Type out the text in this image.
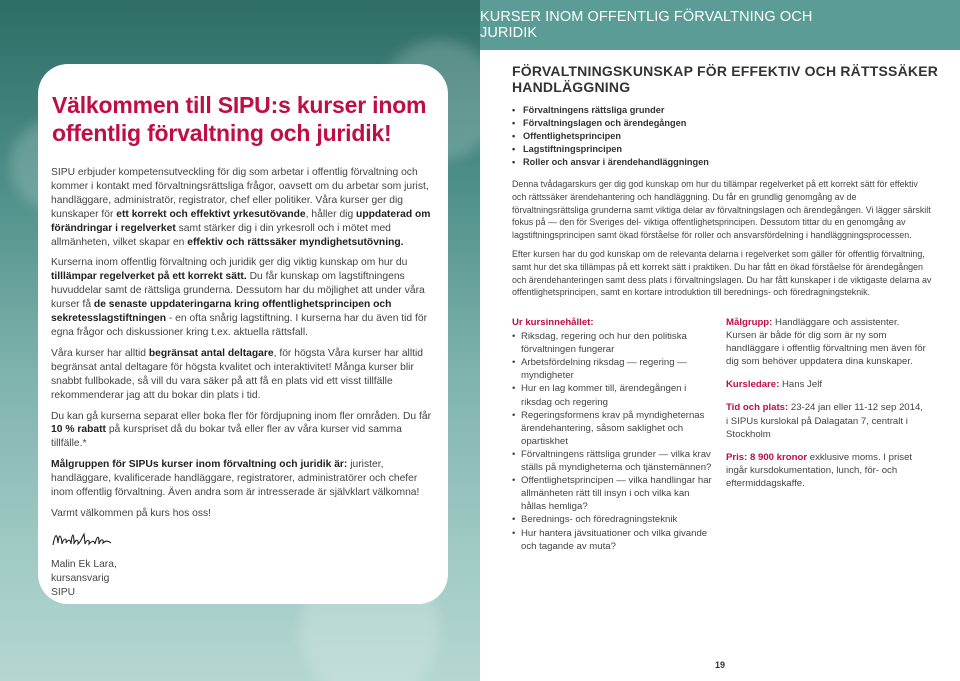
Välkommen till SIPU:s kurser inom offentlig förvaltning och juridik!

SIPU erbjuder kompetensutveckling för dig som arbetar i offentlig förvaltning och kommer i kontakt med förvaltningsrättsliga frågor, oavsett om du arbetar som jurist, handläggare, administratör, registrator, chef eller politiker. Våra kurser ger dig kunskaper för ett korrekt och effektivt yrkesutövande, håller dig uppdaterad om förändringar i regelverket samt stärker dig i din yrkesroll och i mötet med allmänheten, vilket skapar en effektiv och rättssäker myndighetsutövning.

Kurserna inom offentlig förvaltning och juridik ger dig viktig kunskap om hur du tilllämpar regelverket på ett korrekt sätt. Du får kunskap om lagstiftningens huvuddelar samt de rättsliga grunderna. Dessutom har du möjlighet att under våra kurser få de senaste uppdateringarna kring offentlighetsprincipen och sekretesslagstiftningen - en ofta snårig lagstiftning. I kurserna har du även tid för egna frågor och diskussioner kring t.ex. aktuella rättsfall.

Våra kurser har alltid begränsat antal deltagare, för högsta Våra kurser har alltid begränsat antal deltagare för högsta kvalitet och interaktivitet! Många kurser blir snabbt fullbokade, så vill du vara säker på att få en plats vid ett visst tillfälle rekommenderar jag att du bokar din plats i tid.

Du kan gå kurserna separat eller boka fler för fördjupning inom fler områden. Du får 10 % rabatt på kurspriset då du bokar två eller fler av våra kurser vid samma tillfälle.*

Målgruppen för SIPUs kurser inom förvaltning och juridik är: jurister, handläggare, kvalificerade handläggare, registratorer, administratörer och chefer inom offentlig förvaltning. Även andra som är intresserade är självklart välkomna!

Varmt välkommen på kurs hos oss!

Malin Ek Lara,
kursansvarig
SIPU
KURSER INOM OFFENTLIG FÖRVALTNING OCH JURIDIK
FÖRVALTNINGSKUNSKAP FÖR EFFEKTIV OCH RÄTTSSÄKER HANDLÄGGNING
• Förvaltningens rättsliga grunder
• Förvaltningslagen och ärendegången
• Offentlighetsprincipen
• Lagstiftningsprincipen
• Roller och ansvar i ärendehandläggningen

Denna tvådagarskurs ger dig god kunskap om hur du tillämpar regelverket på ett korrekt sätt för effektiv och rättssäker ärendehantering och handläggning. Du får en grundlig genomgång av de förvaltningsrättsliga grunderna samt viktiga delar av förvaltningslagen och ärendegången. Vi lägger särskilt fokus på — den för Sveriges del- viktiga offentlighetsprincipen. Dessutom tittar du en genomgång av lagstiftningsprincipen samt ökad förståelse för roller och ansvarsfördelning i handläggningsprocessen.

Efter kursen har du god kunskap om de relevanta delarna i regelverket som gäller för offentlig förvaltning, samt hur det ska tillämpas på ett korrekt sätt i praktiken. Du har fått en ökad förståelse för ärendegången och ärendehanteringen samt dess plats i förvaltningslagen. Du har fått kunskaper i de viktigaste delarna av offentlighetsprincipen, samt en kortare introduktion till berednings- och föredragningsteknik.

Ur kursinnehållet:
• Riksdag, regering och hur den politiska förvaltningen fungerar
• Arbetsfördelning riksdag — regering — myndigheter
• Hur en lag kommer till, ärendegången i riksdag och regering
• Regeringsformens krav på myndigheternas ärendehantering, såsom saklighet och opartiskhet
• Förvaltningens rättsliga grunder — vilka krav ställs på myndigheterna och tjänstemännen?
• Offentlighetsprincipen — vilka handlingar har allmänheten rätt till insyn i och vilka kan hållas hemliga?
• Berednings- och föredragningsteknik
• Hur hantera jävsituationer och vilka givande och tagande av muta?

Målgrupp: Handläggare och assistenter. Kursen är både för dig som är ny som handläggare i offentlig förvaltning men även för dig som behöver uppdatera dina kunskaper.

Kursledare: Hans Jelf

Tid och plats: 23-24 jan eller 11-12 sep 2014, i SIPUs kurslokal på Dalagatan 7, centralt i Stockholm

Pris: 8 900 kronor exklusive moms. I priset ingår kursdokumentation, lunch, för- och eftermiddagskaffe.

19
